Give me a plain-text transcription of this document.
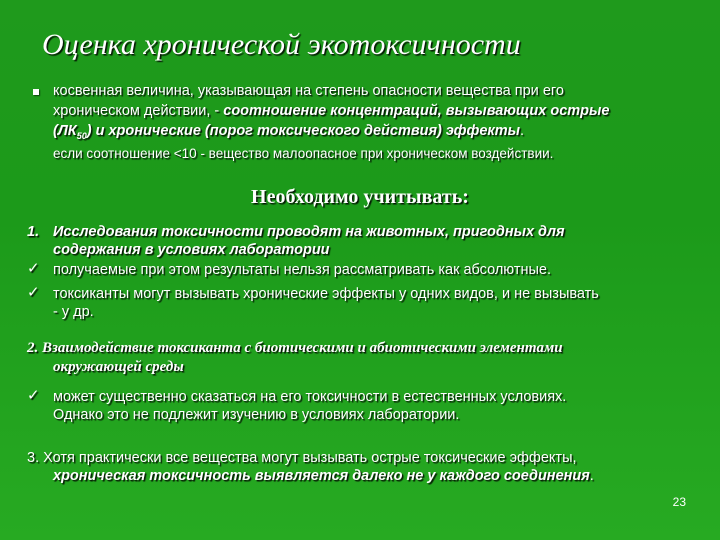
Оценка хронической экотоксичности
косвенная величина, указывающая на степень опасности вещества при его
хроническом действии, - соотношение концентраций, вызывающих острые
$(ЛК_{50})$ и хронические (порог токсического действия) эффекты.
если соотношение <10 - вещество малоопасное при хроническом воздействии.
Необходимо учитывать:
1. Исследования токсичности проводят на животных, пригодных для
содержания в условиях лаборатории
✓ получаемые при этом результаты нельзя рассматривать как абсолютные.
✓ токсиканты могут вызывать хронические эффекты у одних видов, и не вызывать
- у др.
2. Взаимодействие токсиканта с биотическими и абиотическими элементами
окружающей среды
✓ может существенно сказаться на его токсичности в естественных условиях.
Однако это не подлежит изучению в условиях лаборатории.
3. Хотя практически все вещества могут вызывать острые токсические эффекты,
хроническая токсичность выявляется далеко не у каждого соединения.
23
